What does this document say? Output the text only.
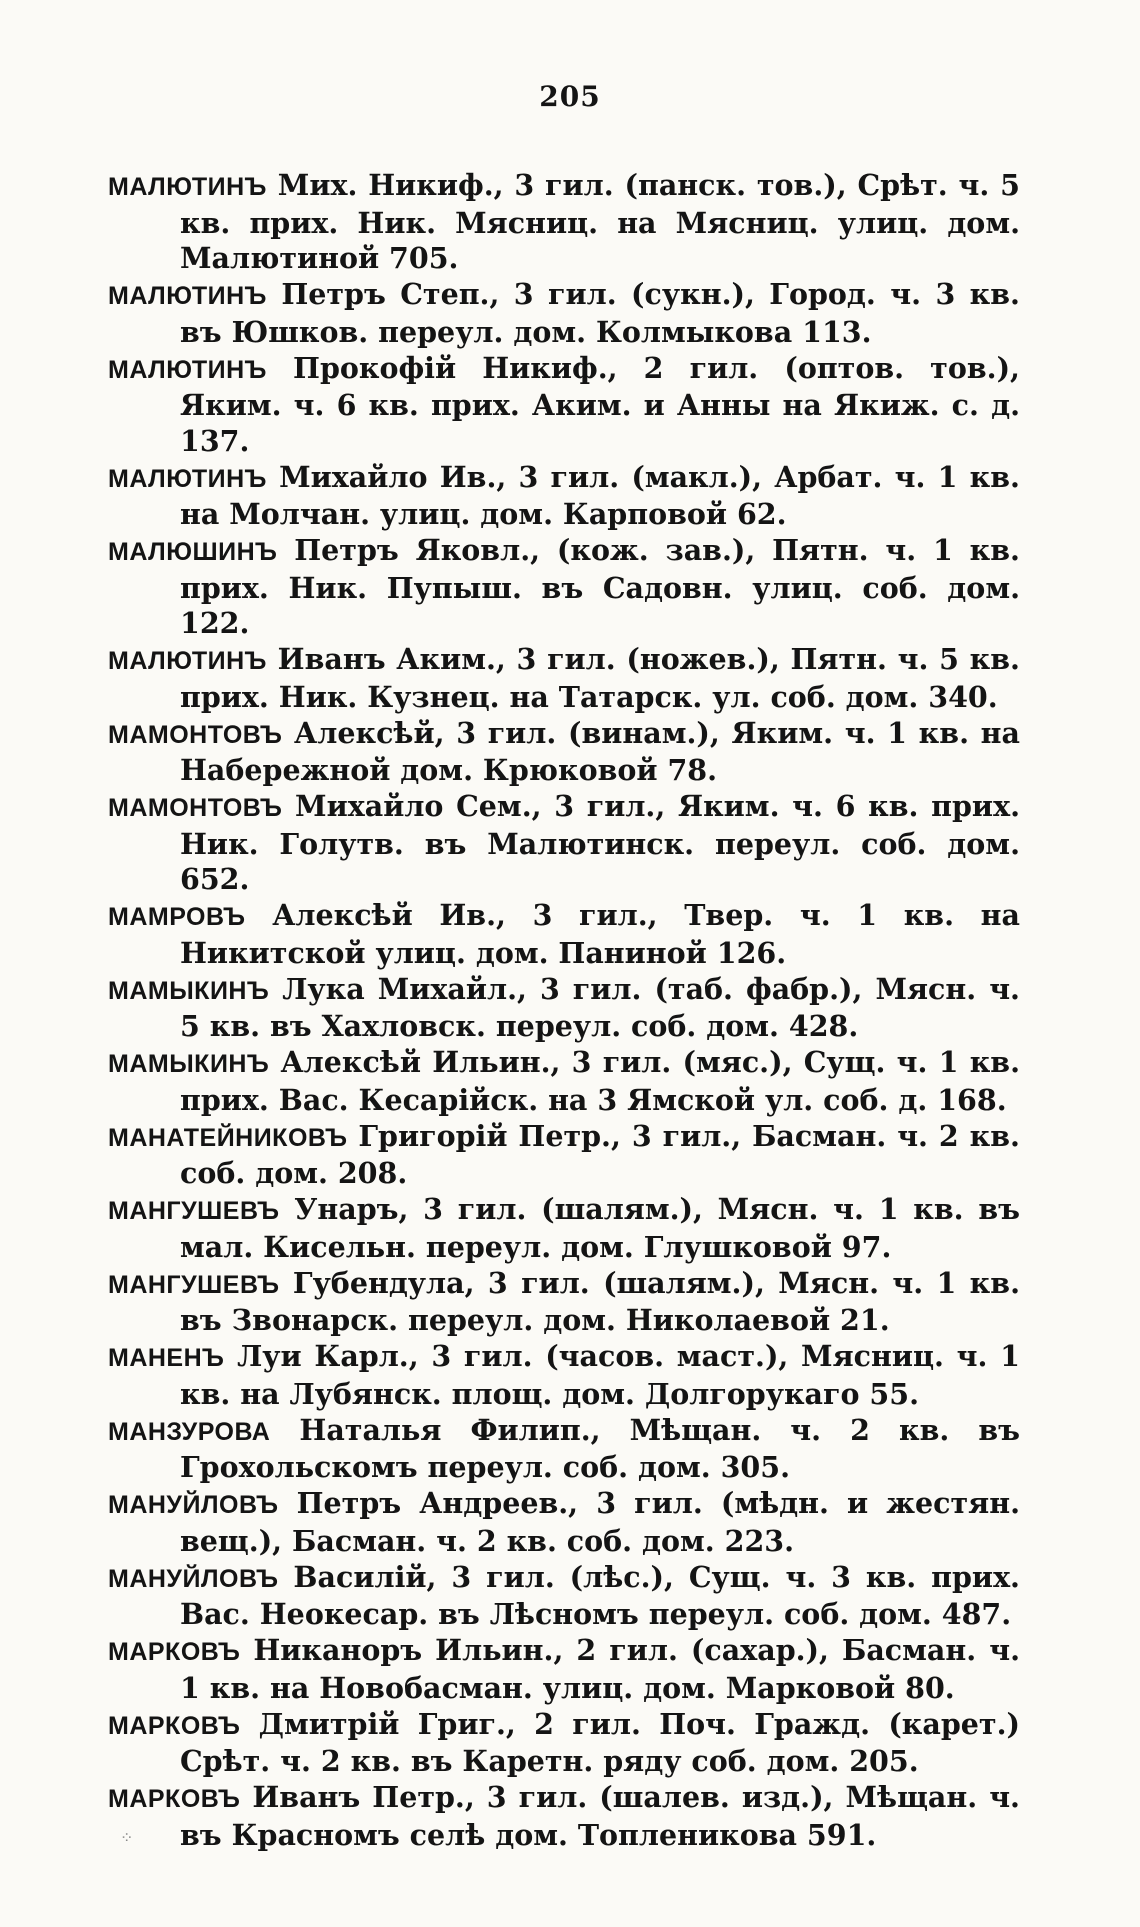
205
МАЛЮТИНЪ Мих. Никиф., 3 гил. (панск. тов.), Срѣт. ч. 5 кв. прих. Ник. Мясниц. на Мясниц. улиц. дом. Малютиной 705.
МАЛЮТИНЪ Петръ Степ., 3 гил. (сукн.), Город. ч. 3 кв. въ Юшков. переул. дом. Колмыкова 113.
МАЛЮТИНЪ Прокофій Никиф., 2 гил. (оптов. тов.), Яким. ч. 6 кв. прих. Аким. и Анны на Якиж. с. д. 137.
МАЛЮТИНЪ Михайло Ив., 3 гил. (макл.), Арбат. ч. 1 кв. на Молчан. улиц. дом. Карповой 62.
МАЛЮШИНЪ Петръ Яковл., (кож. зав.), Пятн. ч. 1 кв. прих. Ник. Пупыш. въ Садовн. улиц. соб. дом. 122.
МАЛЮТИНЪ Иванъ Аким., 3 гил. (ножев.), Пятн. ч. 5 кв. прих. Ник. Кузнец. на Татарск. ул. соб. дом. 340.
МАМОНТОВЪ Алексѣй, 3 гил. (винам.), Яким. ч. 1 кв. на Набережной дом. Крюковой 78.
МАМОНТОВЪ Михайло Сем., 3 гил., Яким. ч. 6 кв. прих. Ник. Голутв. въ Малютинск. переул. соб. дом. 652.
МАМРОВЪ Алексѣй Ив., 3 гил., Твер. ч. 1 кв. на Никитской улиц. дом. Паниной 126.
МАМЫКИНЪ Лука Михайл., 3 гил. (таб. фабр.), Мясн. ч. 5 кв. въ Хахловск. переул. соб. дом. 428.
МАМЫКИНЪ Алексѣй Ильин., 3 гил. (мяс.), Сущ. ч. 1 кв. прих. Вас. Кесарійск. на 3 Ямской ул. соб. д. 168.
МАНАТЕЙНИКОВЪ Григорій Петр., 3 гил., Басман. ч. 2 кв. соб. дом. 208.
МАНГУШЕВЪ Унаръ, 3 гил. (шалям.), Мясн. ч. 1 кв. въ мал. Кисельн. переул. дом. Глушковой 97.
МАНГУШЕВЪ Губендула, 3 гил. (шалям.), Мясн. ч. 1 кв. въ Звонарск. переул. дом. Николаевой 21.
МАНЕНЪ Луи Карл., 3 гил. (часов. маст.), Мясниц. ч. 1 кв. на Лубянск. площ. дом. Долгорукаго 55.
МАНЗУРОВА Наталья Филип., Мѣщан. ч. 2 кв. въ Грохольскомъ переул. соб. дом. 305.
МАНУЙЛОВЪ Петръ Андреев., 3 гил. (мѣдн. и жестян. вещ.), Басман. ч. 2 кв. соб. дом. 223.
МАНУЙЛОВЪ Василій, 3 гил. (лѣс.), Сущ. ч. 3 кв. прих. Вас. Неокесар. въ Лѣсномъ переул. соб. дом. 487.
МАРКОВЪ Никаноръ Ильин., 2 гил. (сахар.), Басман. ч. 1 кв. на Новобасман. улиц. дом. Марковой 80.
МАРКОВЪ Дмитрій Григ., 2 гил. Поч. Гражд. (карет.) Срѣт. ч. 2 кв. въ Каретн. ряду соб. дом. 205.
МАРКОВЪ Иванъ Петр., 3 гил. (шалев. изд.), Мѣщан. ч. въ Красномъ селѣ дом. Топленикова 591.
⁘
